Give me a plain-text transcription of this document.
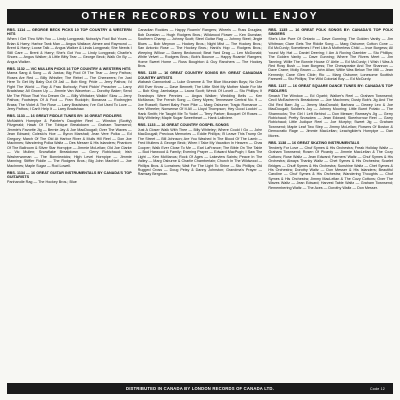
OTHER RECORDS YOU WILL ENJOY
RBS. 1114 — GEORGE BECK PICKS 10 TOP COUNTRY & WESTERN HITS
When I Get Thru With You — Lindy Longpeak; Nobody's Fool But Yours — Brian & Harry; Harbor Tank Man — Angus Wallace; Aimee and Raymond — Brent & Harry; Loose Talk — Angus Walker & Linda Longpeak; She Needs I Still Care — Brent & Harry; She's Got You — Lindy Longpeak; Charlie's Shoes — Angus Walker; A Little Bitty Tear — George Beck; Walk On By — Angus Walker.
RBS. 1132 — VIC MULLEN PICKS 16 TOP COUNTRY & WESTERN HITS
Mama Sang A Song — Al Justus; Big Pool Of The Tear — Jerry Pathos; Roses Are Red — Billy Whistler; The Rebel — The Cheezeers; I'm Just Here To Get My Baby Out Of Jail — Bob King; Pride — Jerry Pathos; I'd Fight The World — Ray & Frau Burbody; Point Pickin' Preacher — Larry Bradshaw; All Grown Up — Jimmie Van Waverton — Dorothy Baker; Send Me The Pillow That You Dream On — Billy Whitaker; Walkin' Slow — Jerry Pathos; Footsteps Of A Fool — Fran Rudolph; Bonanza — Rodnnyjen Brass; The Violet & The Rose — Larry Bradshaw; I've Got Used To Love — Jerry Pathos; I Can't Help It — Larry Bradshaw.
RBS. 1133 — 16 GREAT FIDDLE TUNES BY: 16 GREAT FIDDLERS
McNabb's Hornpipe & Painter's Daughter Reel — Winston (Scotty) Fitzgerald; Hawk Of The Tobique Breakdown — Graham Townsend; Jimmie's Favorite Jig — Bernie Jay & Joe MacDougall; Over The Waves — Jean Edward; Coleslo's Hoe — Byron Marshall; Jean Vere Polka — Ed Gregory; March Of The Old At Harbor River & Mulls Hill Reel — Don Joe MacInnes; Wandering Polka Waltz — Des Messer & His Islanders; Phantom Of The Ballroom & Silver Star Hornpipe — Jimmie McLellan; Old Joe Clarke — Vic Mullen; Snowflake Breakdown — Gerry Robichaud; Irish Washerwoman — The Bonniewicks; High Level Hornpipe — Jimmie Manning; Stiffler Fiddle — The Rodgers Bros.; Big John MacNeil — Joe MacInnes; Maple Sugar — Rod Lowell.
RBS. 1134 — 16 GREAT GUITAR INSTRUMENTALS BY CANADA'S TOP GUITARISTS
Panhandle Rag — The Hockey Bros.; Blue
Canadian Rockies — Happy Roamin' Rangers; Wheels — Russ Douglas; Bob Dunstan — Hugh Rodgers Bros.; Wildwood Flower — Ken Dunstan; Southern Champ — Johnny Scott; Steel Guitar Rag — Johnny Steel; Jingle Blues — Bob Meynon — Hockey Bros.; Night Mist — The Hockey Bros.; San Antonio Rose — The Hockey Bros.; Hank's Hop — Rodgers Bros.; Weeping Willow — Danny Beckwood; Beat Yard Drag — Len McDonald; White Velvet — Rodgers Bros.; Bob's Bounce — Happy Roamin' Rangers; Home Sweet Home — Russ Boughton & Guy Ranchers — The Hockey Bros.
RBS. 1135 — 16 GREAT COUNTRY SONGS BY: GREAT CANADIAN COUNTRY ARTISTS
Wabash Cannonball — Luke Gramme & The Blue Mountain Boys; No One Will Ever Know — Dave Bennett; The Little Shirt My Mother Made For Me — Bob King; Jambalaya — Laura Scott; Wreck Of Lovelt — Stu Phillips; If Teardrops Were Pennies — Angus Walker; Wedding Bells — Ken McManus; The French Song — Gerry Myers; Tennessee Central No. 9 — Joe Russell; Sweet Baby From Pike — Marg Osburne; Tragic Romance — Ken Wheeler; Nonsense Of It All — Lloyd Thompson; Hey Good Lookin' — Hank Smith; He Taught Me To Yodel — Terry Parker; Bouquet Of Roses — Billy Whiteley; Maple Sugar Sweetheart — Hank Lalliviere.
RBS. 1133 — 16 GREAT COUNTRY GOSPEL SONGS
Just A Closer Walk With Thee — Billy Whiteley; Where Could I Go — John MacDougall; Precious Memories — Eddie Phillips; I'll Leave This Trump On The Street — Bill Johnson; Are You Washed In The Blood Of The Lamb — Fred Mullens & George Beck; When I Take My Vacation In Heaven — Chas Cooper; Walk Ever Close To Me — Earl LaFrance; The Bible On The Table — Bud Harwood & Family; Evening Prayer — Edward MacPugh; I Saw The Light — Ken McManus; Rock Of Ages — Lakeview Saints; Peace In The Valley — Marg Osburne & Charlie Chamberlain; Church In The Wildwood — Phillips Bros. & Lorraines; Wait For The Light To Shine — Stu Phillips; Old Rugged Cross — Doug Pelsy & Danny Johnston; Grandma's Prayer — Ramsay Bergman.
RBS. 1135 — 16 GREAT FOLK SONGS BY: CANADA'S TOP FOLK SINGERS
She's Like Pure Of Ontario — Dave Gunning; The Golden Vanity — Jim Whitman; Clare Gets The Riddle Song — Marg Osburne; Cotton Cone — Ed McCurdy; Sometimes I Feel Like A Motherless Child — Ince Burgess; All 'round My Hat — Daniel Deering; I Am A Roving Gambler — Stu Phillips; The Golden Vanity — Dave Gunning; Where The Rivers Meet — Jim Tanning; Willie The Bonnie House O' Airlie — Ed McCurdy; I Wish I Was A Red Rosy Bush — Ivan Burgess; The Chesapeake And The Shannon — Dave Crane; Molly Brown — John Allan; Willie Was Below The Mill — Jean Kennedy; Cane Glen Clide; Rio — Marg Osburne; Lonesome Scottish Farewell — Stu Phillips; The Wild Colonial Boy — Ed McCurdy.
RBS. 1137 — 16 GREAT SQUARE DANCE TUNES BY: CANADA'S TOP FIDDLERS
Smash The Window — Ed Oyarbi; Walker's Reel — Graham Townsend; Cecil McEachern's Breakdown — Joe MacInnes; Dusty Bob's Jig And The Old Red Barn Jig — Jimmy MacDonald; Barbara — Dewey Leo & Joe MacDougall; Soldier's Joy — Johnny Mooring; Little Burnt Potato — The Shamrocks; The Girl I Left Behind — Don Messer; Ramsey's Jig — Gerry Robichaud; Pretty Snowdew — Jean Edward; Skeehorrow Reel — Garry Robichaud; Little Judique Reel — Joe Murphy; Sweet Jig — Graham Townsend; Maple Leaf Two Step — Jimmy McLellan; Flowers Of Boston & Democratic Rage — Jimmie MacLellan; Leachglider's Hornpipe — Dan Mores.
RBS. 1138 — 16 GREAT SKATING INSTRUMENTALS
Tenderly For Love — Chuf Symes & His Orchestra; Freak Holiday Waltz — Graham Townsend; Rosen Of Picardy — Jimmie MacLellan & The Cozy Cottons; Rose Waltz — Jean Edward; Farmers' Waltz — Chuf Symes & His Orchestra; Always Thanky Waltz — Chet Symes & His Orchestra; Scarlet Bridges — Chuff Symes & His Orchestra; Sunshine Waltz — Chet Symes & His Orchestra; Dorothy Waltz — Don Messer & His Islanders; Beautiful Caroline — Chuf Symes & His Orchestra; Wandering Thoughts — Chuf Symes & His Orchestra; Jimmy MacLellan & The Cozy Cottons; Over The Waves Waltz — Jean Edward; Harvest Table Waltz — Graham Townsend; Remembering Waltz — The Aces — Dorothy Waltz — Don Messer.
DISTRIBUTED IN CANADA BY LONDON RECORDS OF CANADA LTD.	Code 12
